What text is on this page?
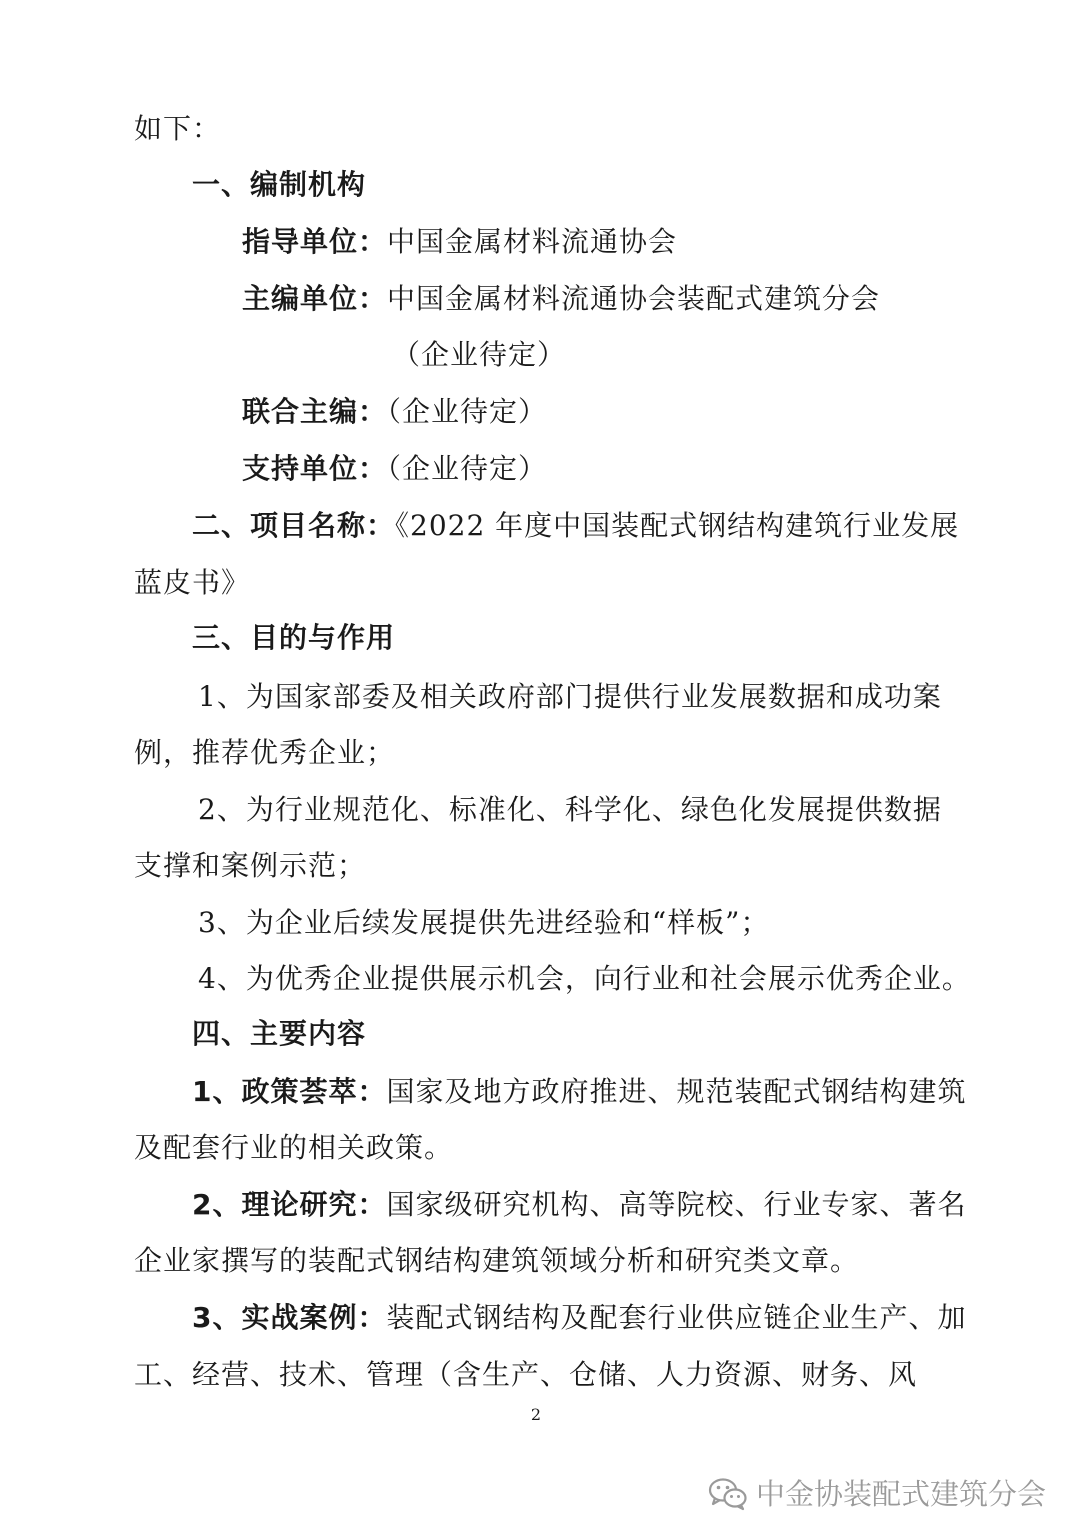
如下：
一、编制机构
指导单位：中国金属材料流通协会
主编单位：中国金属材料流通协会装配式建筑分会
（企业待定）
联合主编：（企业待定）
支持单位：（企业待定）
二、项目名称：《2022 年度中国装配式钢结构建筑行业发展
蓝皮书》
三、目的与作用
1、为国家部委及相关政府部门提供行业发展数据和成功案
例，推荐优秀企业；
2、为行业规范化、标准化、科学化、绿色化发展提供数据
支撑和案例示范；
3、为企业后续发展提供先进经验和“样板”；
4、为优秀企业提供展示机会，向行业和社会展示优秀企业。
四、主要内容
1、政策荟萃：国家及地方政府推进、规范装配式钢结构建筑
及配套行业的相关政策。
2、理论研究：国家级研究机构、高等院校、行业专家、著名
企业家撰写的装配式钢结构建筑领域分析和研究类文章。
3、实战案例：装配式钢结构及配套行业供应链企业生产、加
工、经营、技术、管理（含生产、仓储、人力资源、财务、风
2
中金协装配式建筑分会
